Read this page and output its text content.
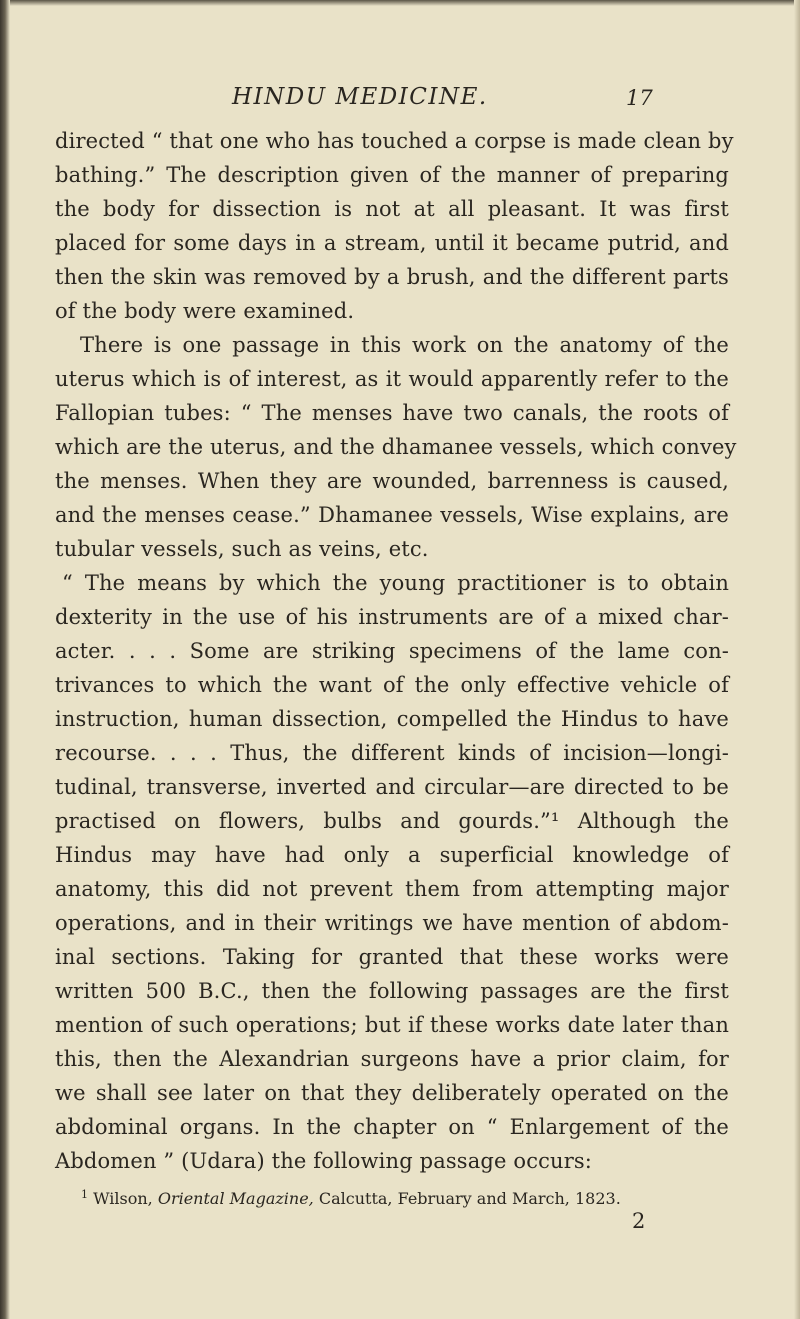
HINDU MEDICINE.	17
directed “ that one who has touched a corpse is made clean by
bathing.” The description given of the manner of preparing
the body for dissection is not at all pleasant. It was first
placed for some days in a stream, until it became putrid, and
then the skin was removed by a brush, and the different parts
of the body were examined.
There is one passage in this work on the anatomy of the
uterus which is of interest, as it would apparently refer to the
Fallopian tubes: “ The menses have two canals, the roots of
which are the uterus, and the dhamanee vessels, which convey
the menses. When they are wounded, barrenness is caused,
and the menses cease.” Dhamanee vessels, Wise explains, are
tubular vessels, such as veins, etc.
“ The means by which the young practitioner is to obtain
dexterity in the use of his instruments are of a mixed char-
acter. . . . Some are striking specimens of the lame con-
trivances to which the want of the only effective vehicle of
instruction, human dissection, compelled the Hindus to have
recourse. . . . Thus, the different kinds of incision—longi-
tudinal, transverse, inverted and circular—are directed to be
practised on flowers, bulbs and gourds.”¹ Although the
Hindus may have had only a superficial knowledge of
anatomy, this did not prevent them from attempting major
operations, and in their writings we have mention of abdom-
inal sections. Taking for granted that these works were
written 500 B.C., then the following passages are the first
mention of such operations; but if these works date later than
this, then the Alexandrian surgeons have a prior claim, for
we shall see later on that they deliberately operated on the
abdominal organs. In the chapter on “ Enlargement of the
Abdomen ” (Udara) the following passage occurs:
$^1$ Wilson, Oriental Magazine, Calcutta, February and March, 1823.
2
